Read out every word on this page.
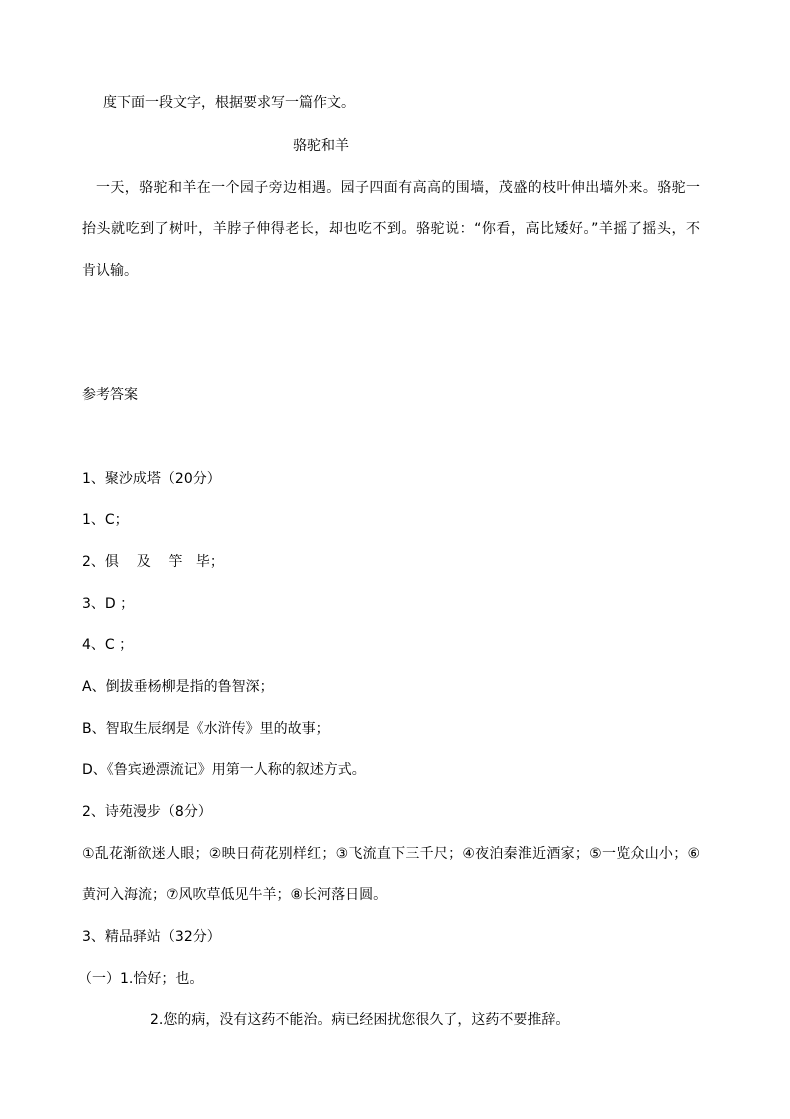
度下面一段文字，根据要求写一篇作文。
骆驼和羊
一天，骆驼和羊在一个园子旁边相遇。园子四面有高高的围墙，茂盛的枝叶伸出墙外来。骆驼一
抬头就吃到了树叶，羊脖子伸得老长，却也吃不到。骆驼说：“你看，高比矮好。”羊摇了摇头，不
肯认输。
参考答案
1、聚沙成塔（20分）
1、C；
2、俱    及    竽   毕；
3、D ；
4、C ；
A、倒拔垂杨柳是指的鲁智深；
B、智取生辰纲是《水浒传》里的故事；
D、《鲁宾逊漂流记》用第一人称的叙述方式。
2、诗苑漫步（8分）
①乱花渐欲迷人眼；②映日荷花别样红；③飞流直下三千尺；④夜泊秦淮近酒家；⑤一览众山小；⑥
黄河入海流；⑦风吹草低见牛羊；⑧长河落日圆。
3、精品驿站（32分）
（一）1.恰好；也。
2.您的病，没有这药不能治。病已经困扰您很久了，这药不要推辞。
